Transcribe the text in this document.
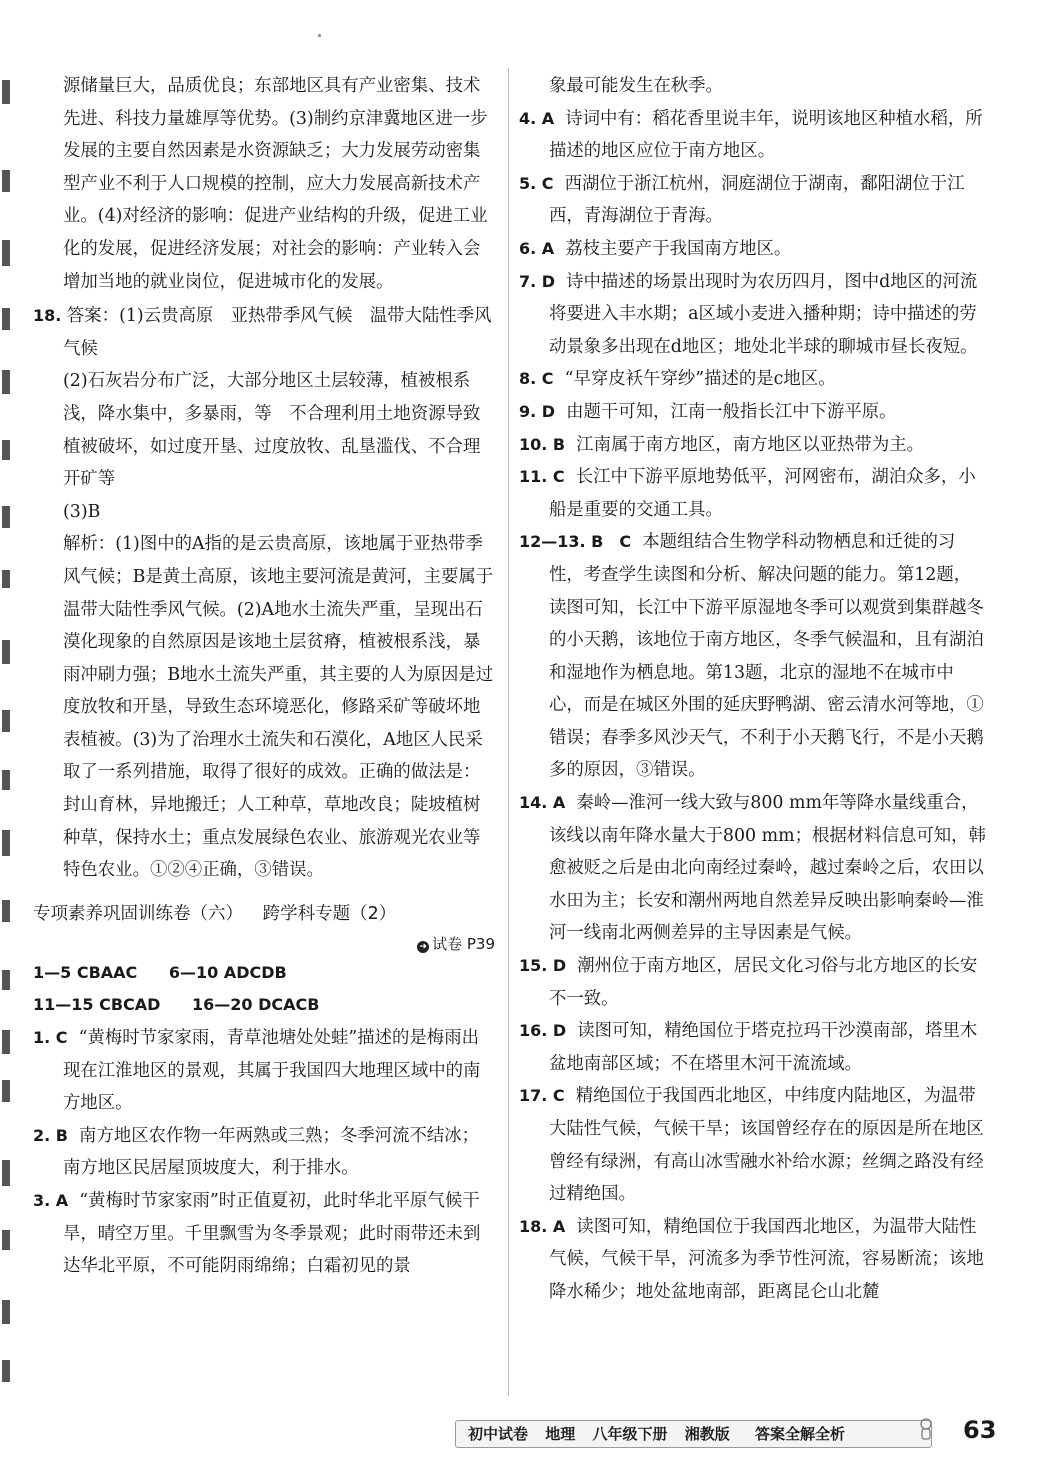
源储量巨大，品质优良；东部地区具有产业密集、技术先进、科技力量雄厚等优势。(3)制约京津冀地区进一步发展的主要自然因素是水资源缺乏；大力发展劳动密集型产业不利于人口规模的控制，应大力发展高新技术产业。(4)对经济的影响：促进产业结构的升级，促进工业化的发展，促进经济发展；对社会的影响：产业转入会增加当地的就业岗位，促进城市化的发展。

18. 答案：(1)云贵高原　亚热带季风气候　温带大陆性季风气候
(2)石灰岩分布广泛，大部分地区土层较薄，植被根系浅，降水集中，多暴雨，等　不合理利用土地资源导致植被破坏，如过度开垦、过度放牧、乱垦滥伐、不合理开矿等
(3)B
解析：(1)图中的A指的是云贵高原，该地属于亚热带季风气候；B是黄土高原，该地主要河流是黄河，主要属于温带大陆性季风气候。(2)A地水土流失严重，呈现出石漠化现象的自然原因是该地土层贫瘠，植被根系浅，暴雨冲刷力强；B地水土流失严重，其主要的人为原因是过度放牧和开垦，导致生态环境恶化，修路采矿等破坏地表植被。(3)为了治理水土流失和石漠化，A地区人民采取了一系列措施，取得了很好的成效。正确的做法是：封山育林，异地搬迁；人工种草，草地改良；陡坡植树种草，保持水土；重点发展绿色农业、旅游观光农业等特色农业。①②④正确，③错误。
专项素养巩固训练卷（六） 跨学科专题（2）
➜ 试卷 P39
1—5 CBAAC 6—10 ADCDB
11—15 CBCAD 16—20 DCACB
1. C “黄梅时节家家雨，青草池塘处处蛙”描述的是梅雨出现在江淮地区的景观，其属于我国四大地理区域中的南方地区。
2. B 南方地区农作物一年两熟或三熟；冬季河流不结冰；南方地区民居屋顶坡度大，利于排水。
3. A “黄梅时节家家雨”时正值夏初，此时华北平原气候干旱，晴空万里。千里飘雪为冬季景观；此时雨带还未到达华北平原，不可能阴雨绵绵；白霜初见的景

象最可能发生在秋季。

4. A 诗词中有：稻花香里说丰年，说明该地区种植水稻，所描述的地区应位于南方地区。
5. C 西湖位于浙江杭州，洞庭湖位于湖南，鄱阳湖位于江西，青海湖位于青海。
6. A 荔枝主要产于我国南方地区。
7. D 诗中描述的场景出现时为农历四月，图中d地区的河流将要进入丰水期；a区域小麦进入播种期；诗中描述的劳动景象多出现在d地区；地处北半球的聊城市昼长夜短。
8. C “早穿皮袄午穿纱”描述的是c地区。
9. D 由题干可知，江南一般指长江中下游平原。
10. B 江南属于南方地区，南方地区以亚热带为主。
11. C 长江中下游平原地势低平，河网密布，湖泊众多，小船是重要的交通工具。
12—13. B　C 本题组结合生物学科动物栖息和迁徙的习性，考查学生读图和分析、解决问题的能力。第12题，读图可知，长江中下游平原湿地冬季可以观赏到集群越冬的小天鹅，该地位于南方地区，冬季气候温和，且有湖泊和湿地作为栖息地。第13题，北京的湿地不在城市中心，而是在城区外围的延庆野鸭湖、密云清水河等地，①错误；春季多风沙天气，不利于小天鹅飞行，不是小天鹅多的原因，③错误。
14. A 秦岭—淮河一线大致与800 mm年等降水量线重合，该线以南年降水量大于800 mm；根据材料信息可知，韩愈被贬之后是由北向南经过秦岭，越过秦岭之后，农田以水田为主；长安和潮州两地自然差异反映出影响秦岭—淮河一线南北两侧差异的主导因素是气候。
15. D 潮州位于南方地区，居民文化习俗与北方地区的长安不一致。
16. D 读图可知，精绝国位于塔克拉玛干沙漠南部，塔里木盆地南部区域；不在塔里木河干流流域。
17. C 精绝国位于我国西北地区，中纬度内陆地区，为温带大陆性气候，气候干旱；该国曾经存在的原因是所在地区曾经有绿洲，有高山冰雪融水补给水源；丝绸之路没有经过精绝国。
18. A 读图可知，精绝国位于我国西北地区，为温带大陆性气候，气候干旱，河流多为季节性河流，容易断流；该地降水稀少；地处盆地南部，距离昆仑山北麓
初中试卷 地理 八年级下册 湘教版 答案全解全析	63
